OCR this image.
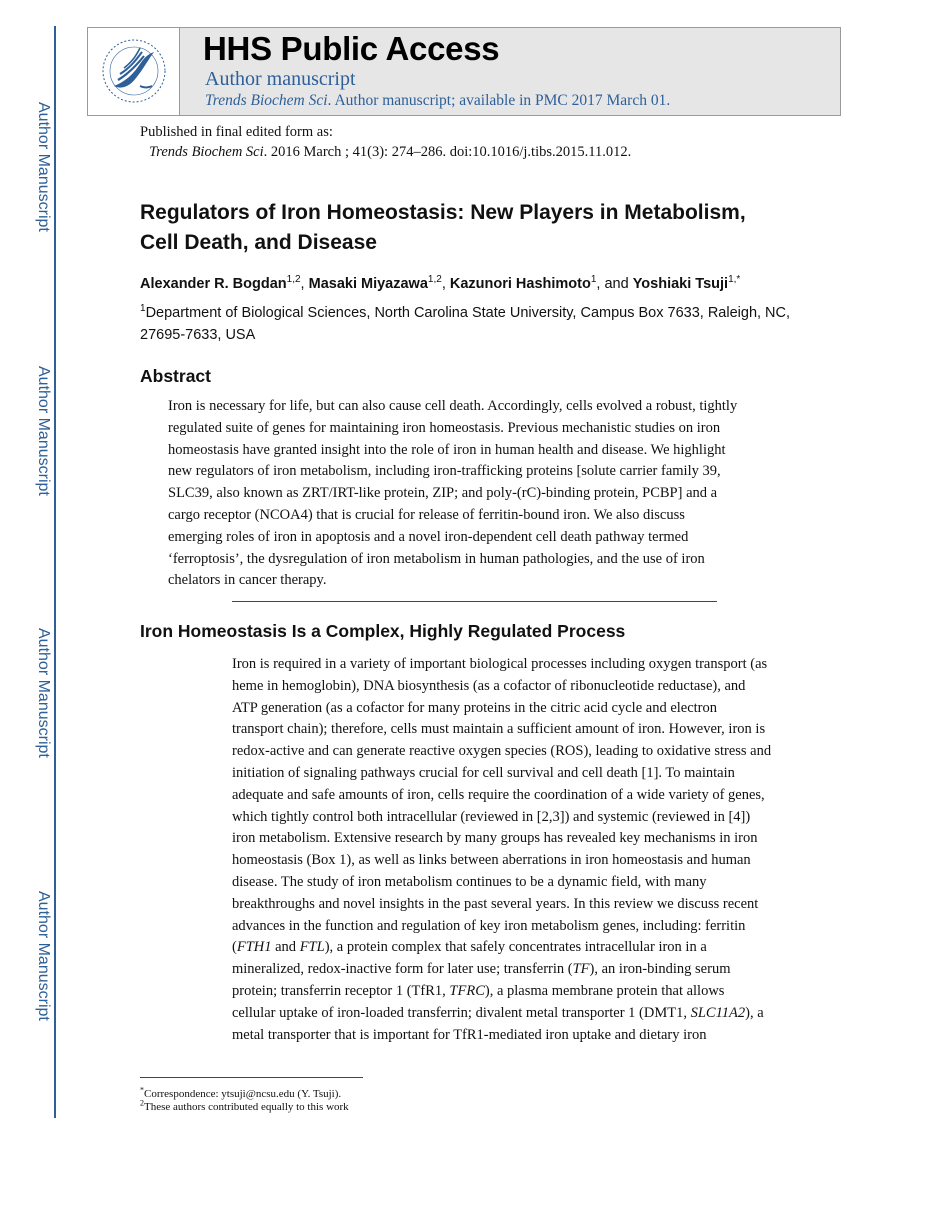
Author Manuscript
Author Manuscript
Author Manuscript
Author Manuscript
HHS Public Access
Author manuscript
Trends Biochem Sci. Author manuscript; available in PMC 2017 March 01.
Published in final edited form as:
Trends Biochem Sci. 2016 March ; 41(3): 274–286. doi:10.1016/j.tibs.2015.11.012.
Regulators of Iron Homeostasis: New Players in Metabolism,
Cell Death, and Disease
Alexander R. Bogdan$^{1,2}$, Masaki Miyazawa$^{1,2}$, Kazunori Hashimoto$^1$, and Yoshiaki Tsuji$^{1,*}$
$^1$Department of Biological Sciences, North Carolina State University, Campus Box 7633, Raleigh, NC, 27695-7633, USA
Abstract
Iron is necessary for life, but can also cause cell death. Accordingly, cells evolved a robust, tightly
regulated suite of genes for maintaining iron homeostasis. Previous mechanistic studies on iron
homeostasis have granted insight into the role of iron in human health and disease. We highlight
new regulators of iron metabolism, including iron-trafficking proteins [solute carrier family 39,
SLC39, also known as ZRT/IRT-like protein, ZIP; and poly-(rC)-binding protein, PCBP] and a
cargo receptor (NCOA4) that is crucial for release of ferritin-bound iron. We also discuss
emerging roles of iron in apoptosis and a novel iron-dependent cell death pathway termed
‘ferroptosis’, the dysregulation of iron metabolism in human pathologies, and the use of iron
chelators in cancer therapy.
Iron Homeostasis Is a Complex, Highly Regulated Process
Iron is required in a variety of important biological processes including oxygen transport (as
heme in hemoglobin), DNA biosynthesis (as a cofactor of ribonucleotide reductase), and
ATP generation (as a cofactor for many proteins in the citric acid cycle and electron
transport chain); therefore, cells must maintain a sufficient amount of iron. However, iron is
redox-active and can generate reactive oxygen species (ROS), leading to oxidative stress and
initiation of signaling pathways crucial for cell survival and cell death [1]. To maintain
adequate and safe amounts of iron, cells require the coordination of a wide variety of genes,
which tightly control both intracellular (reviewed in [2,3]) and systemic (reviewed in [4])
iron metabolism. Extensive research by many groups has revealed key mechanisms in iron
homeostasis (Box 1), as well as links between aberrations in iron homeostasis and human
disease. The study of iron metabolism continues to be a dynamic field, with many
breakthroughs and novel insights in the past several years. In this review we discuss recent
advances in the function and regulation of key iron metabolism genes, including: ferritin
(FTH1 and FTL), a protein complex that safely concentrates intracellular iron in a
mineralized, redox-inactive form for later use; transferrin (TF), an iron-binding serum
protein; transferrin receptor 1 (TfR1, TFRC), a plasma membrane protein that allows
cellular uptake of iron-loaded transferrin; divalent metal transporter 1 (DMT1, SLC11A2), a
metal transporter that is important for TfR1-mediated iron uptake and dietary iron
*Correspondence: ytsuji@ncsu.edu (Y. Tsuji).
$^2$These authors contributed equally to this work
